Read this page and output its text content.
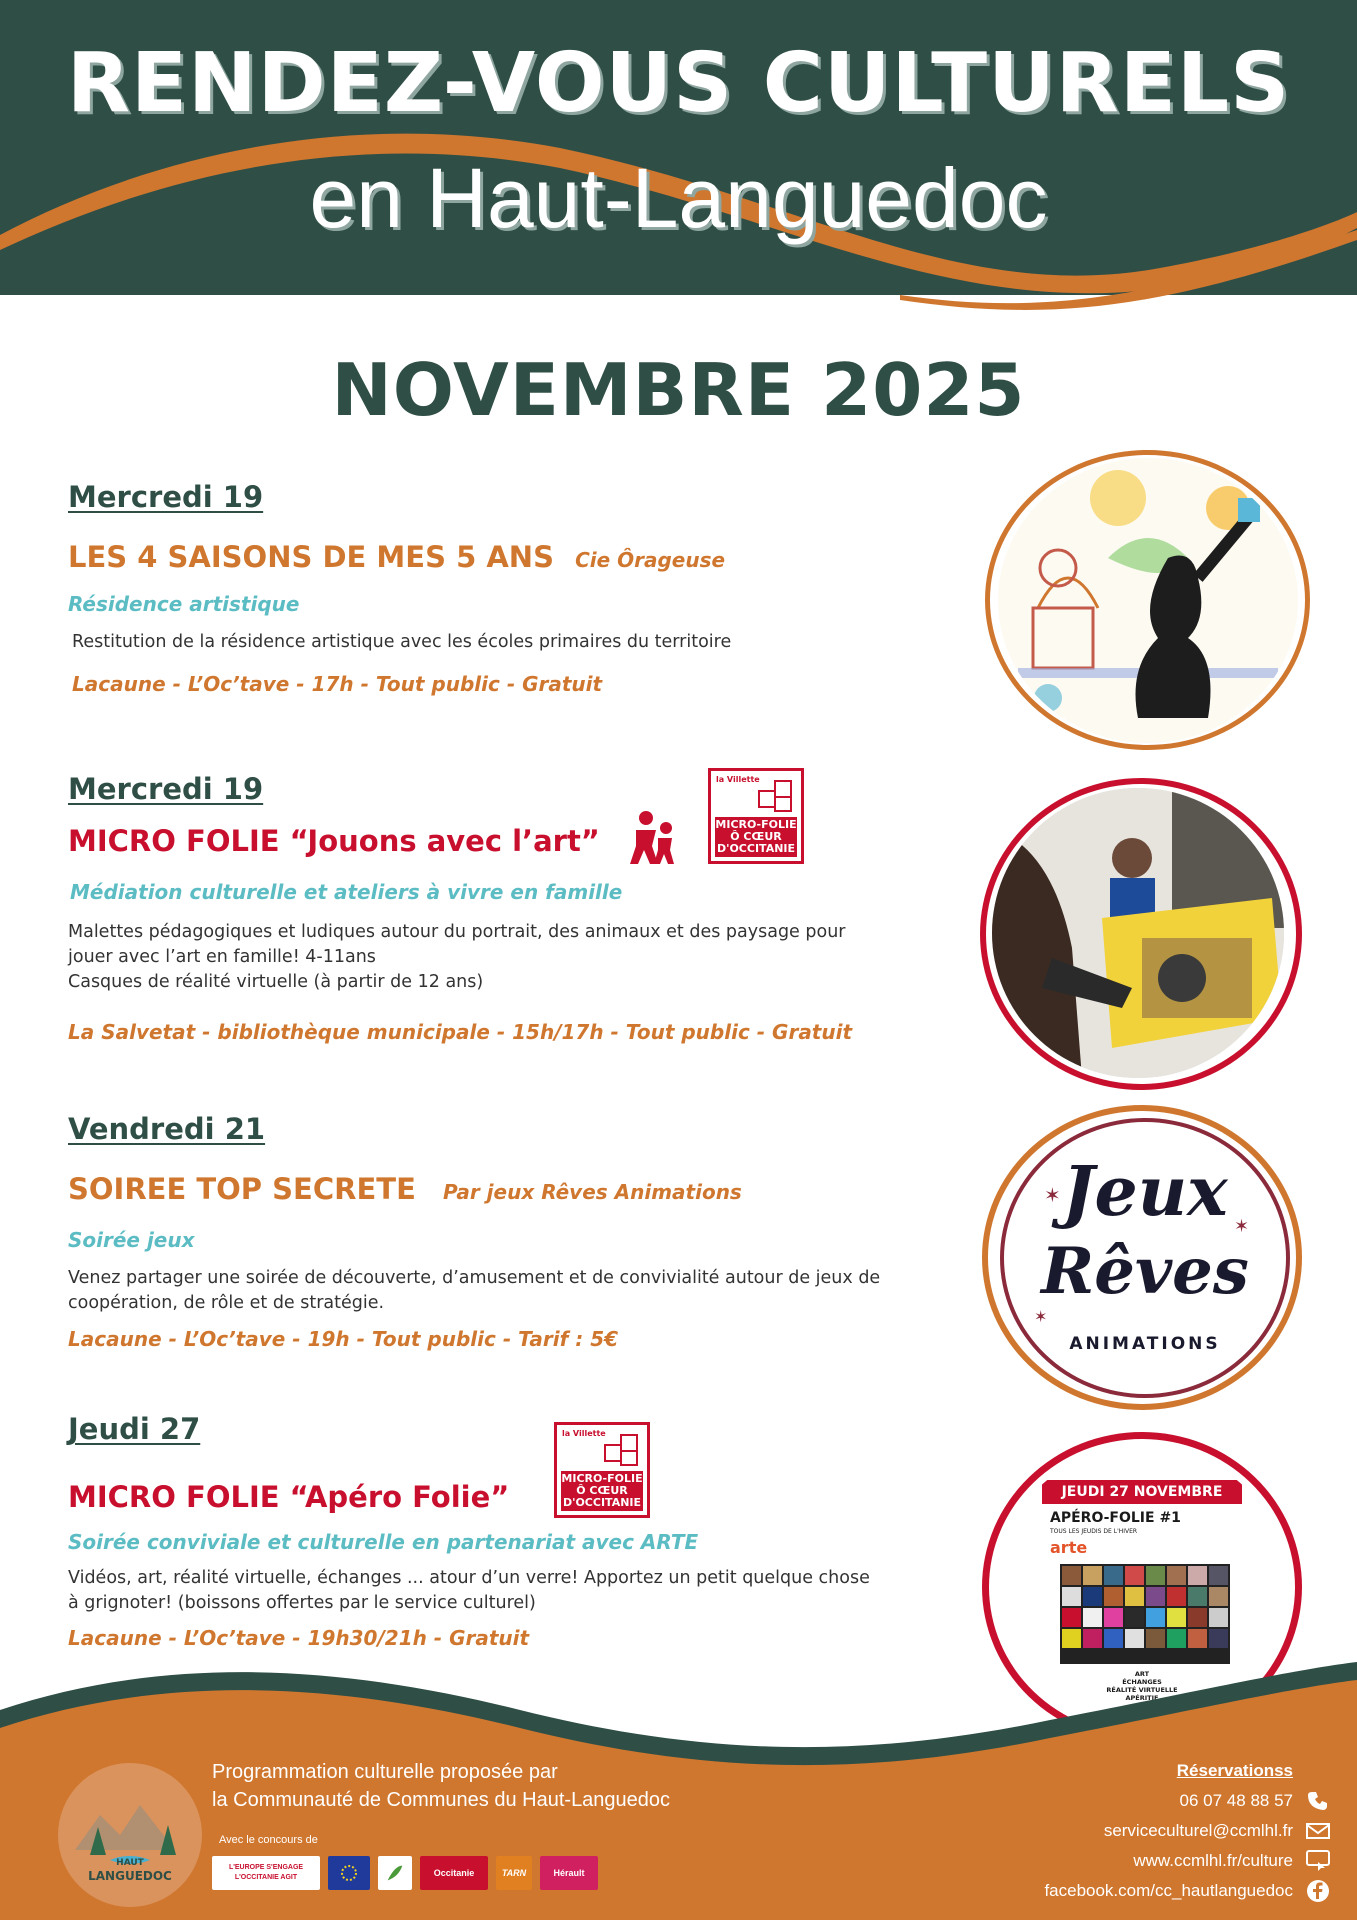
RENDEZ-VOUS CULTURELS
en Haut-Languedoc
NOVEMBRE 2025
Mercredi 19
LES 4 SAISONS DE MES 5 ANS Cie Ôrageuse
Résidence artistique
Restitution de la résidence artistique avec les écoles primaires du territoire
Lacaune - L’Oc’tave - 17h - Tout public - Gratuit
Mercredi 19
MICRO FOLIE “Jouons avec l’art”
la Villette
MICRO-FOLIE
Ô CŒUR
D'OCCITANIE
Médiation culturelle et ateliers à vivre en famille
Malettes pédagogiques et ludiques autour du portrait, des animaux et des paysage pour
jouer avec l’art en famille! 4-11ans
Casques de réalité virtuelle (à partir de 12 ans)
La Salvetat - bibliothèque municipale - 15h/17h - Tout public - Gratuit
Vendredi 21
SOIREE TOP SECRETE Par jeux Rêves Animations
Soirée jeux
Venez partager une soirée de découverte, d’amusement et de convivialité autour de jeux de
coopération, de rôle et de stratégie.
Lacaune - L’Oc’tave - 19h - Tout public - Tarif : 5€
Jeux
Rêves
ANIMATIONS
✶
✶
✶
Jeudi 27
MICRO FOLIE “Apéro Folie”
la Villette
MICRO-FOLIE
Ô CŒUR
D'OCCITANIE
Soirée conviviale et culturelle en partenariat avec ARTE
Vidéos, art, réalité virtuelle, échanges ... atour d’un verre! Apportez un petit quelque chose
à grignoter! (boissons offertes par le service culturel)
Lacaune - L’Oc’tave - 19h30/21h - Gratuit
JEUDI 27 NOVEMBRE
APÉRO-FOLIE #1
TOUS LES JEUDIS DE L'HIVER
arte
ART
ÉCHANGES
RÉALITÉ VIRTUELLE
APÉRITIF
HAUT
LANGUEDOC
Programmation culturelle proposée par
la Communauté de Communes du Haut-Languedoc
Avec le concours de
L'EUROPE S'ENGAGE L'OCCITANIE AGIT	Occitanie	TARN	Hérault
Réservationss
06 07 48 88 57
serviceculturel@ccmlhl.fr
www.ccmlhl.fr/culture
facebook.com/cc_hautlanguedoc
